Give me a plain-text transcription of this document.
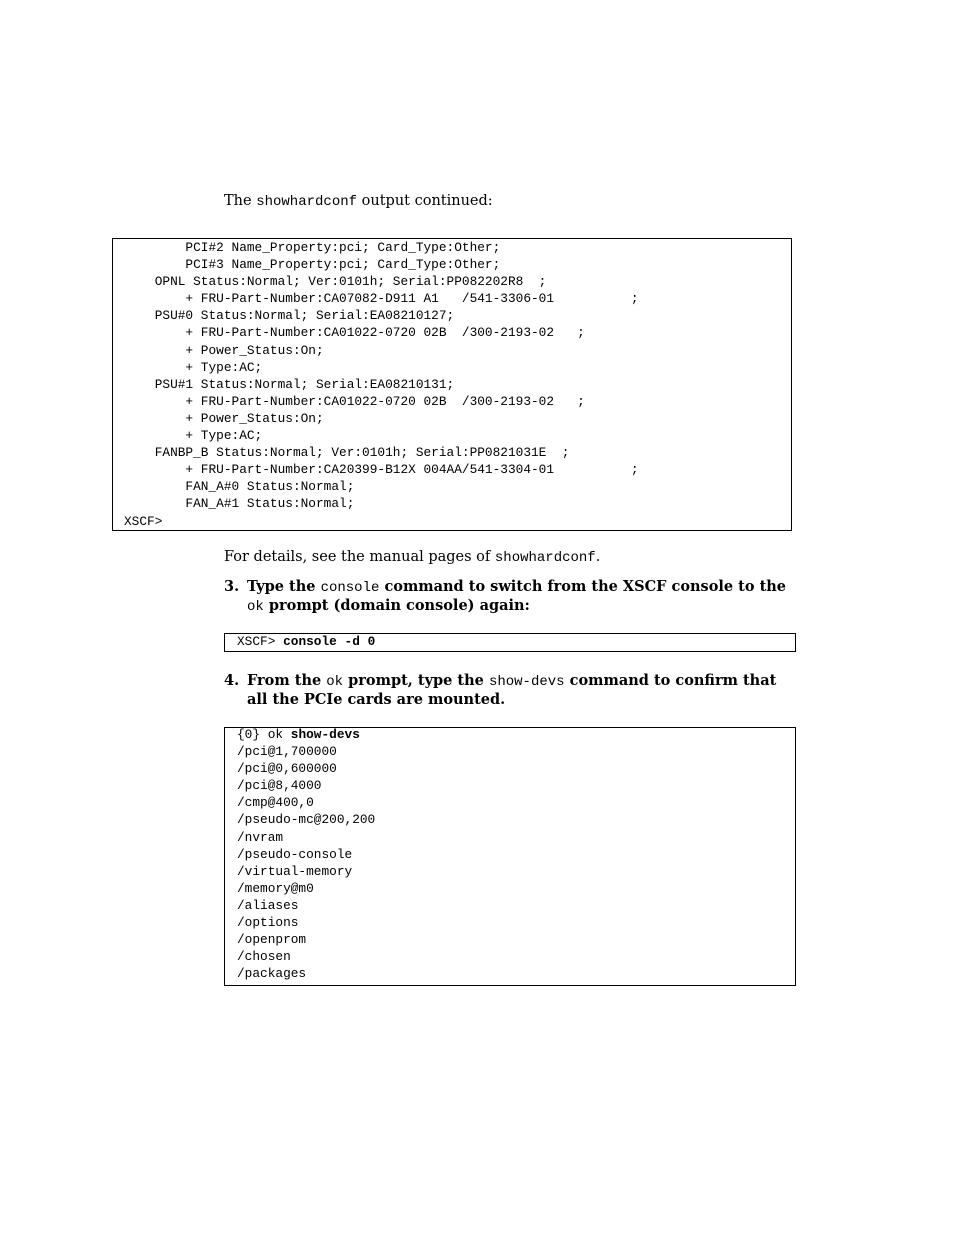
The showhardconf output continued:

PCI#2 Name_Property:pci; Card_Type:Other;
PCI#3 Name_Property:pci; Card_Type:Other;
OPNL Status:Normal; Ver:0101h; Serial:PP082202R8  ;
+ FRU-Part-Number:CA07082-D911 A1   /541-3306-01          ;
PSU#0 Status:Normal; Serial:EA08210127;
+ FRU-Part-Number:CA01022-0720 02B  /300-2193-02   ;
+ Power_Status:On;
+ Type:AC;
PSU#1 Status:Normal; Serial:EA08210131;
+ FRU-Part-Number:CA01022-0720 02B  /300-2193-02   ;
+ Power_Status:On;
+ Type:AC;
FANBP_B Status:Normal; Ver:0101h; Serial:PP0821031E  ;
+ FRU-Part-Number:CA20399-B12X 004AA/541-3304-01          ;
FAN_A#0 Status:Normal;
FAN_A#1 Status:Normal;
XSCF>

For details, see the manual pages of showhardconf.

3. Type the console command to switch from the XSCF console to the ok prompt (domain console) again:
XSCF> console -d 0
4. From the ok prompt, type the show-devs command to confirm that all the PCIe cards are mounted.
{0} ok show-devs
/pci@1,700000
/pci@0,600000
/pci@8,4000
/cmp@400,0
/pseudo-mc@200,200
/nvram
/pseudo-console
/virtual-memory
/memory@m0
/aliases
/options
/openprom
/chosen
/packages
